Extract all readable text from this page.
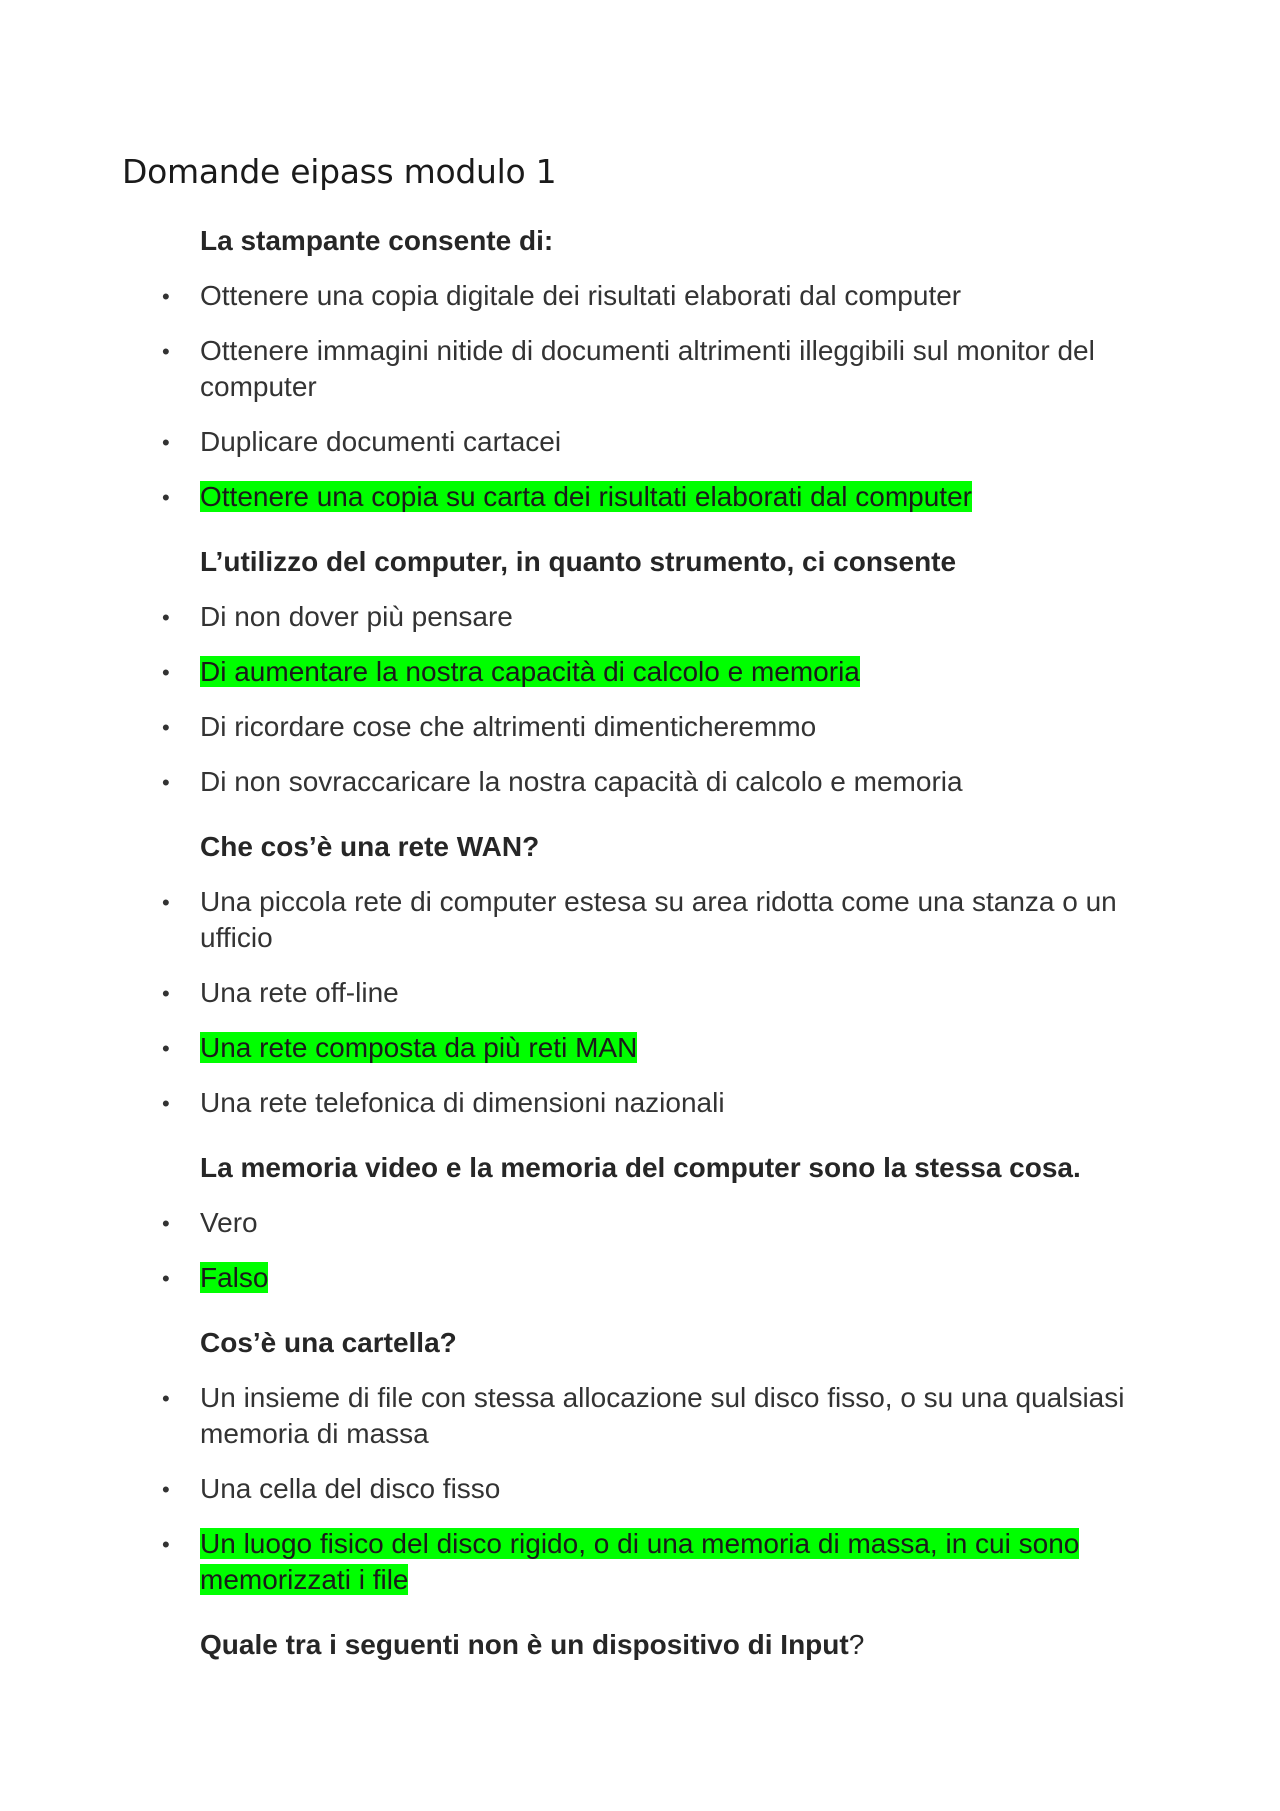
Domande eipass modulo 1

La stampante consente di:

• Ottenere una copia digitale dei risultati elaborati dal computer
• Ottenere immagini nitide di documenti altrimenti illeggibili sul monitor del computer
• Duplicare documenti cartacei
• Ottenere una copia su carta dei risultati elaborati dal computer

L’utilizzo del computer, in quanto strumento, ci consente

• Di non dover più pensare
• Di aumentare la nostra capacità di calcolo e memoria
• Di ricordare cose che altrimenti dimenticheremmo
• Di non sovraccaricare la nostra capacità di calcolo e memoria

Che cos’è una rete WAN?

• Una piccola rete di computer estesa su area ridotta come una stanza o un ufficio
• Una rete off-line
• Una rete composta da più reti MAN
• Una rete telefonica di dimensioni nazionali

La memoria video e la memoria del computer sono la stessa cosa.

• Vero
• Falso

Cos’è una cartella?

• Un insieme di file con stessa allocazione sul disco fisso, o su una qualsiasi memoria di massa
• Una cella del disco fisso
• Un luogo fisico del disco rigido, o di una memoria di massa, in cui sono memorizzati i file

Quale tra i seguenti non è un dispositivo di Input?
